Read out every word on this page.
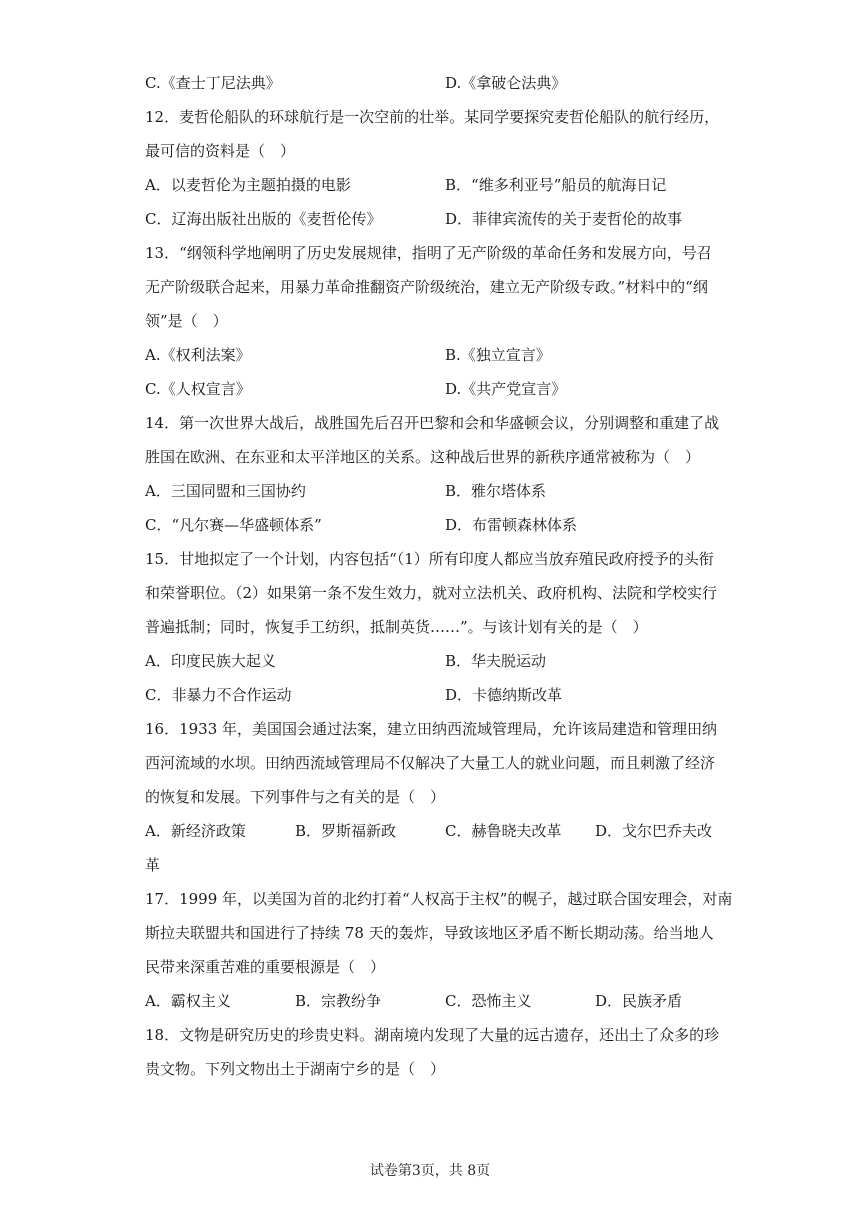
C.《查士丁尼法典》	D.《拿破仑法典》
12．麦哲伦船队的环球航行是一次空前的壮举。某同学要探究麦哲伦船队的航行经历，
最可信的资料是（　）
A．以麦哲伦为主题拍摄的电影	B．“维多利亚号”船员的航海日记
C．辽海出版社出版的《麦哲伦传》	D．菲律宾流传的关于麦哲伦的故事
13．“纲领科学地阐明了历史发展规律，指明了无产阶级的革命任务和发展方向，号召
无产阶级联合起来，用暴力革命推翻资产阶级统治，建立无产阶级专政。”材料中的“纲
领”是（　）
A.《权利法案》	B.《独立宣言》
C.《人权宣言》	D.《共产党宣言》
14．第一次世界大战后，战胜国先后召开巴黎和会和华盛顿会议，分别调整和重建了战
胜国在欧洲、在东亚和太平洋地区的关系。这种战后世界的新秩序通常被称为（　）
A．三国同盟和三国协约	B．雅尔塔体系
C．“凡尔赛—华盛顿体系”	D．布雷顿森林体系
15．甘地拟定了一个计划，内容包括“（1）所有印度人都应当放弃殖民政府授予的头衔
和荣誉职位。（2）如果第一条不发生效力，就对立法机关、政府机构、法院和学校实行
普遍抵制；同时，恢复手工纺织，抵制英货……”。与该计划有关的是（　）
A．印度民族大起义	B．华夫脱运动
C．非暴力不合作运动	D．卡德纳斯改革
16．1933 年，美国国会通过法案，建立田纳西流域管理局，允许该局建造和管理田纳
西河流域的水坝。田纳西流域管理局不仅解决了大量工人的就业问题，而且刺激了经济
的恢复和发展。下列事件与之有关的是（　）
A．新经济政策	B．罗斯福新政	C．赫鲁晓夫改革	D．戈尔巴乔夫改
革
17．1999 年，以美国为首的北约打着“人权高于主权”的幌子，越过联合国安理会，对南
斯拉夫联盟共和国进行了持续 78 天的轰炸，导致该地区矛盾不断长期动荡。给当地人
民带来深重苦难的重要根源是（　）
A．霸权主义	B．宗教纷争	C．恐怖主义	D．民族矛盾
18．文物是研究历史的珍贵史料。湖南境内发现了大量的远古遗存，还出土了众多的珍
贵文物。下列文物出土于湖南宁乡的是（　）
试卷第3页，共 8页
